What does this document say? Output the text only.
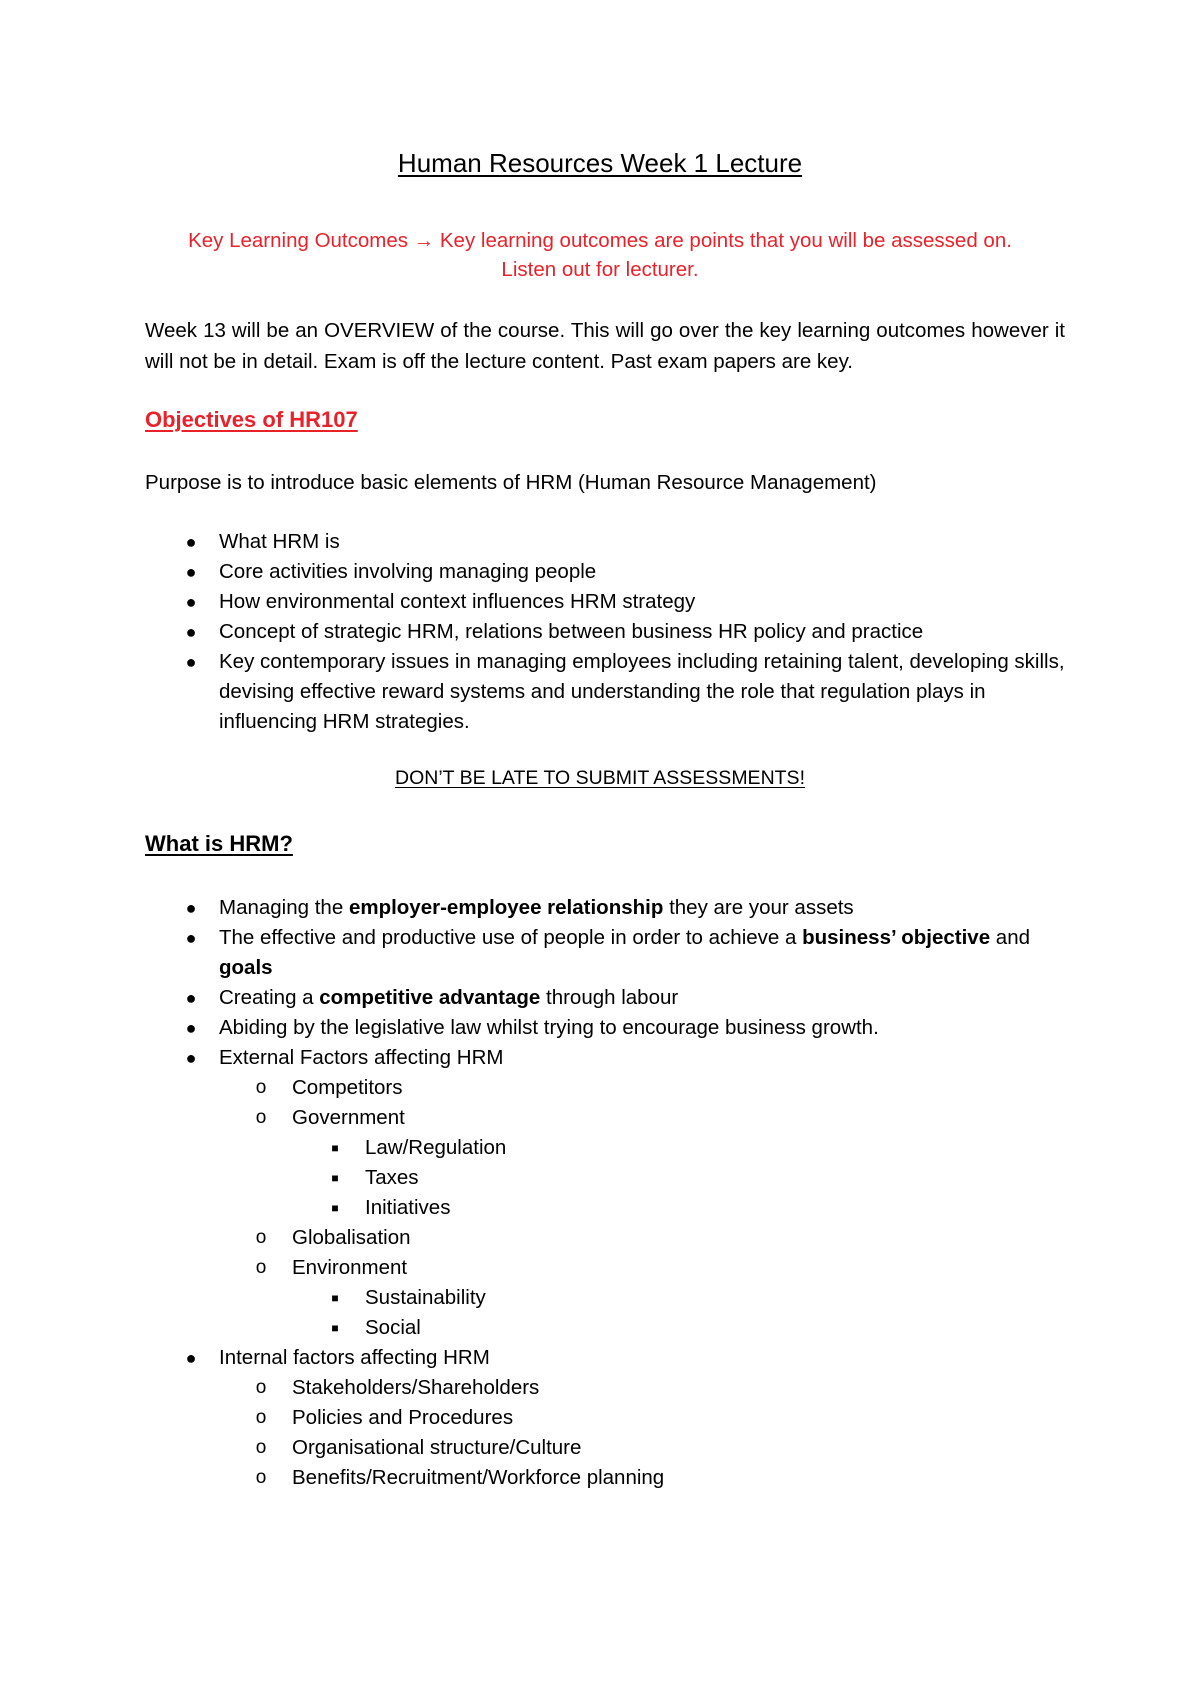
Human Resources Week 1 Lecture
Key Learning Outcomes → Key learning outcomes are points that you will be assessed on.
Listen out for lecturer.
Week 13 will be an OVERVIEW of the course. This will go over the key learning outcomes however it will not be in detail. Exam is off the lecture content. Past exam papers are key.
Objectives of HR107
Purpose is to introduce basic elements of HRM (Human Resource Management)
● What HRM is
● Core activities involving managing people
● How environmental context influences HRM strategy
● Concept of strategic HRM, relations between business HR policy and practice
● Key contemporary issues in managing employees including retaining talent, developing skills, devising effective reward systems and understanding the role that regulation plays in influencing HRM strategies.
DON’T BE LATE TO SUBMIT ASSESSMENTS!
What is HRM?
● Managing the employer-employee relationship they are your assets
● The effective and productive use of people in order to achieve a business’ objective and goals
● Creating a competitive advantage through labour
● Abiding by the legislative law whilst trying to encourage business growth.
● External Factors affecting HRM
o Competitors
o Government
■ Law/Regulation
■ Taxes
■ Initiatives
o Globalisation
o Environment
■ Sustainability
■ Social
● Internal factors affecting HRM
o Stakeholders/Shareholders
o Policies and Procedures
o Organisational structure/Culture
o Benefits/Recruitment/Workforce planning
